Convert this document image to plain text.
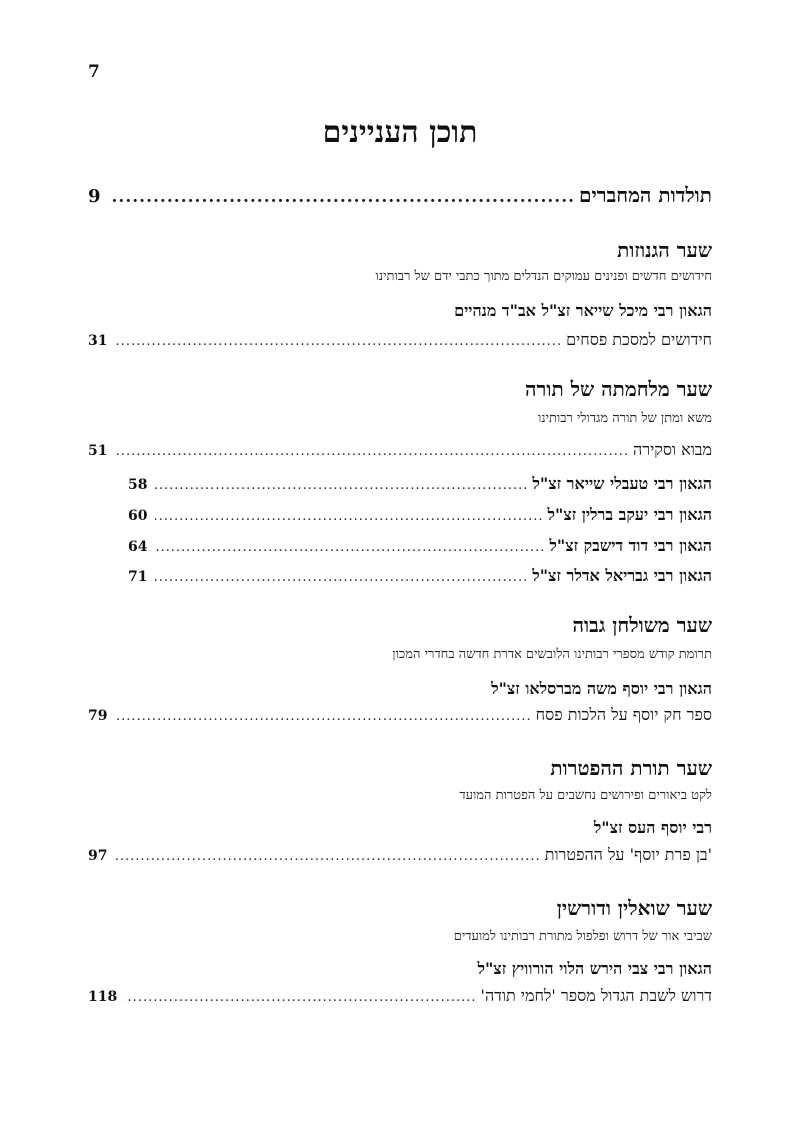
7
תוכן העניינים
תולדות המחברים
.....
9
שער הגנוזות
חידושים חדשים ופנינים עמוקים הנדלים מתוך כתבי ידם של רבותינו
הגאון רבי מיכל שייאר זצ"ל אב"ד מנהיים
חידושים למסכת פסחים
.....
31
שער מלחמתה של תורה
משא ומתן של תורה מגדולי רבותינו
מבוא וסקירה
.....
51
הגאון רבי טעבלי שייאר זצ"ל
.....
58
הגאון רבי יעקב ברלין זצ"ל
.....
60
הגאון רבי דוד דישבק זצ"ל
.....
64
הגאון רבי גבריאל אדלר זצ"ל
.....
71
שער משולחן גבוה
תרומת קודש מספרי רבותינו הלובשים אדרת חדשה בחדרי המכון
הגאון רבי יוסף משה מברסלאו זצ"ל
ספר חק יוסף על הלכות פסח
.....
79
שער תורת ההפטרות
לקט ביאורים ופירושים נחשבים על הפטרות המועד
רבי יוסף העס זצ"ל
'בן פרת יוסף' על ההפטרות
.....
97
שער שואלין ודורשין
שביבי אור של דרוש ופלפול מתורת רבותינו למועדים
הגאון רבי צבי הירש הלוי הורוויץ זצ"ל
דרוש לשבת הגדול מספר 'לחמי תודה'
.....
118
